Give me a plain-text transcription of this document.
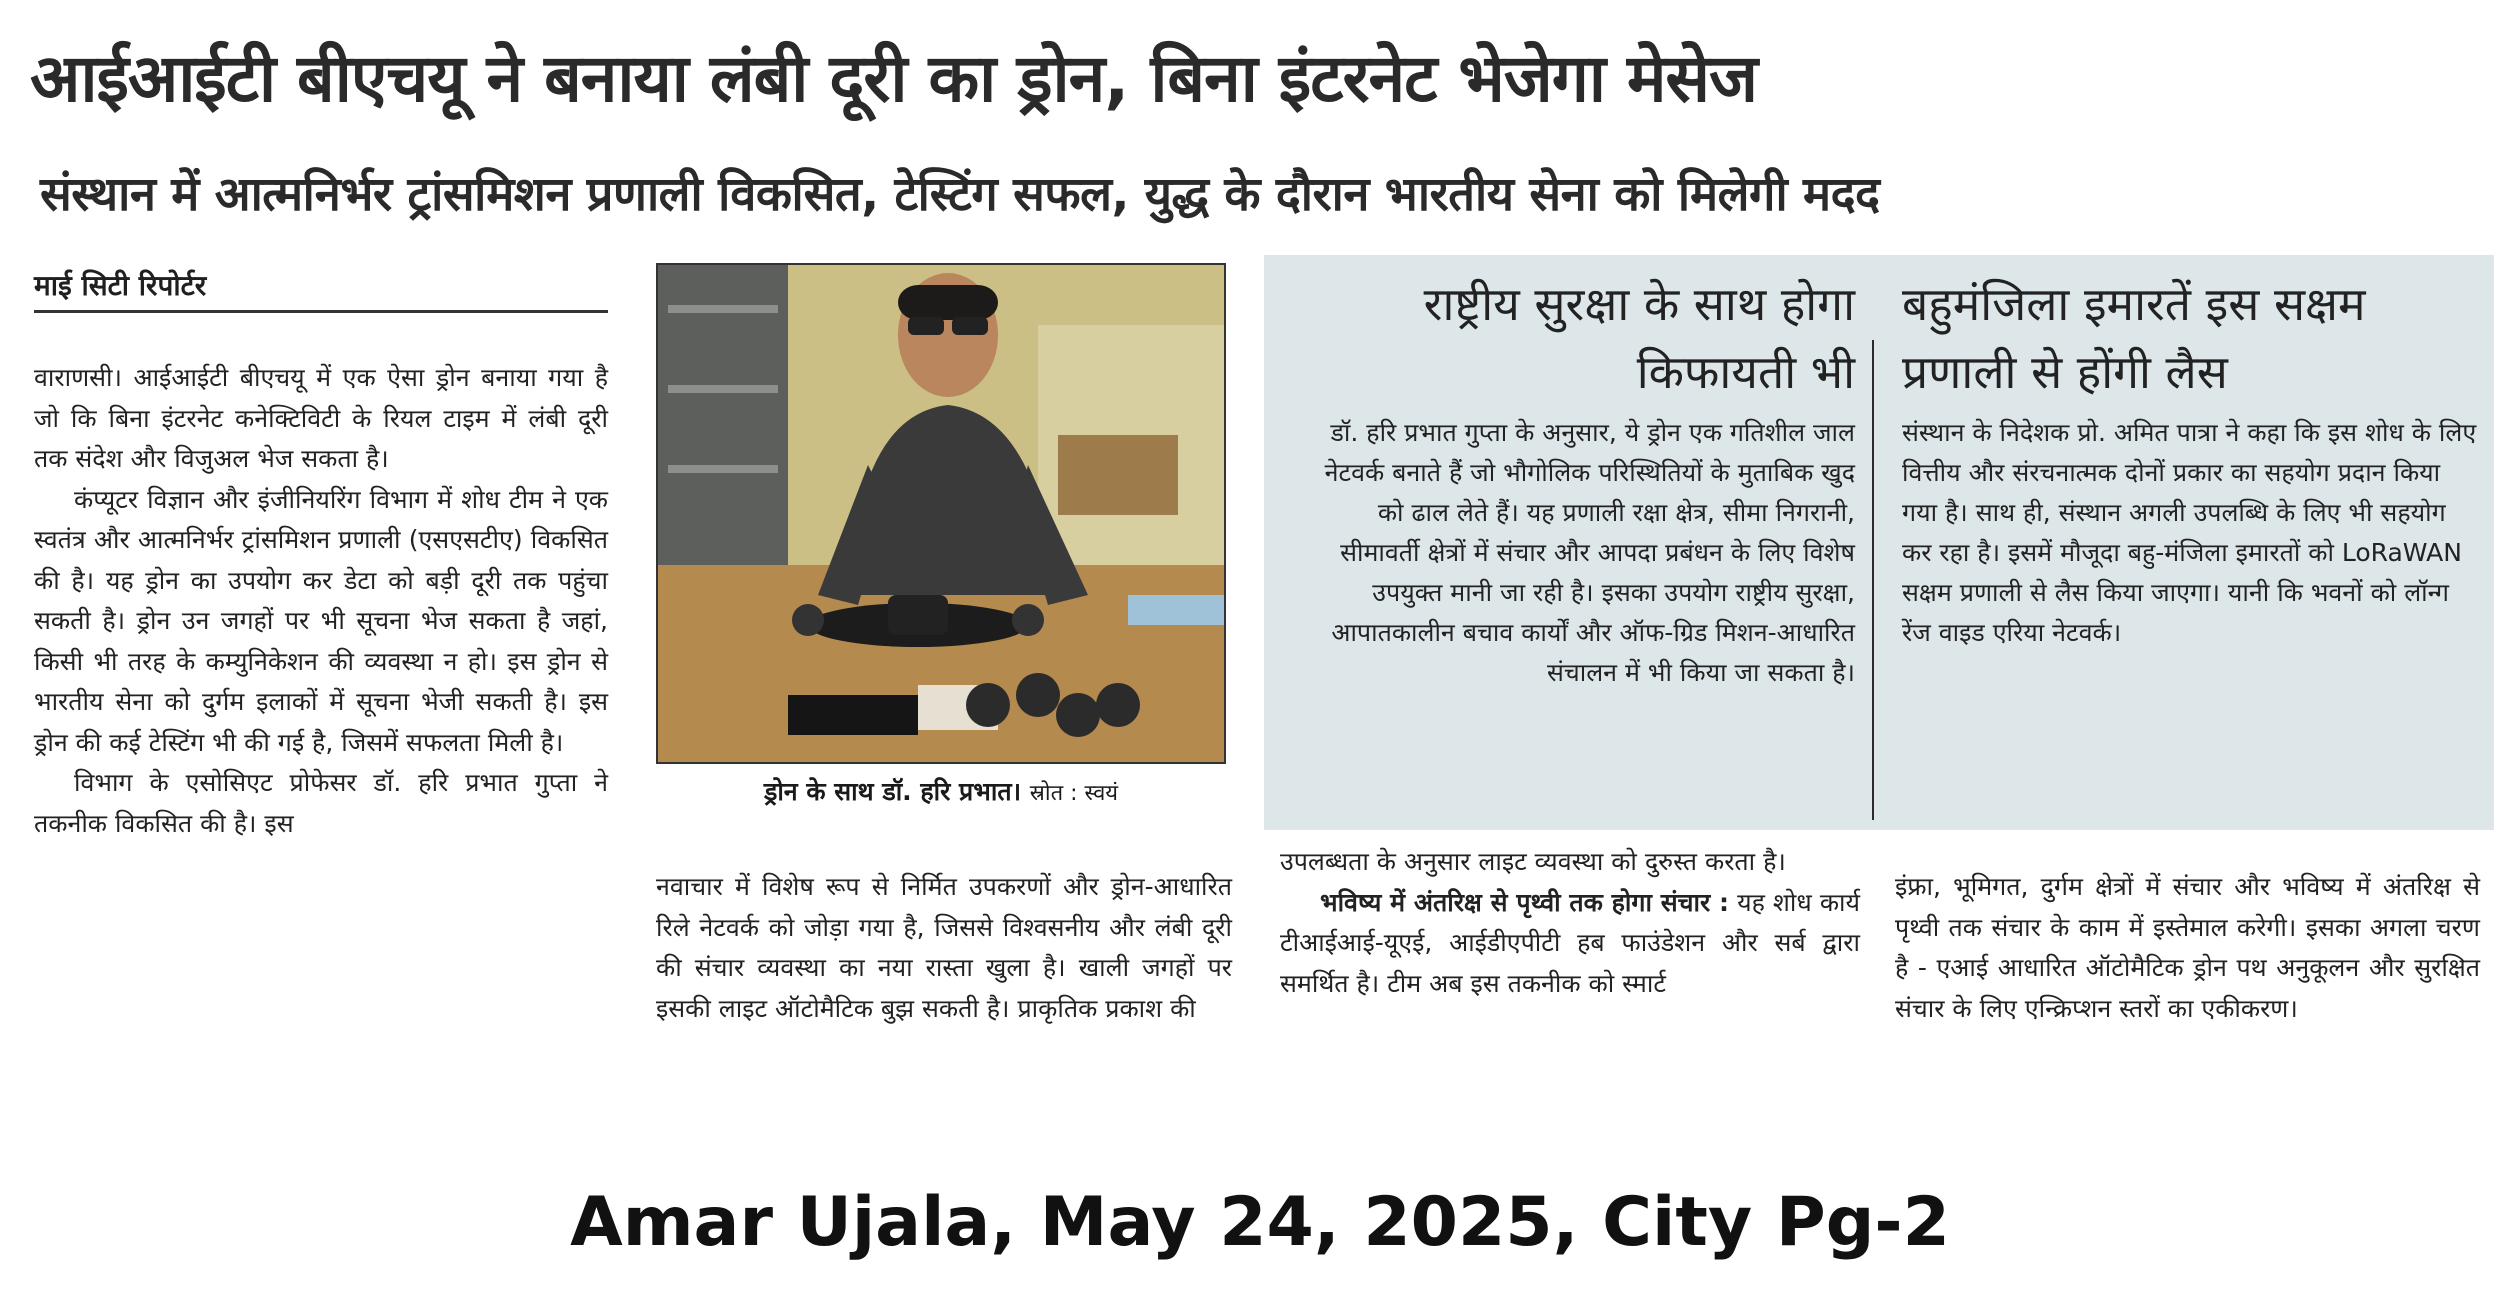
आईआईटी बीएचयू ने बनाया लंबी दूरी का ड्रोन, बिना इंटरनेट भेजेगा मेसेज
संस्थान में आत्मनिर्भर ट्रांसमिशन प्रणाली विकसित, टेस्टिंग सफल, युद्ध के दौरान भारतीय सेना को मिलेगी मदद
माई सिटी रिपोर्टर

वाराणसी। आईआईटी बीएचयू में एक ऐसा ड्रोन बनाया गया है जो कि बिना इंटरनेट कनेक्टिविटी के रियल टाइम में लंबी दूरी तक संदेश और विजुअल भेज सकता है।

कंप्यूटर विज्ञान और इंजीनियरिंग विभाग में शोध टीम ने एक स्वतंत्र और आत्मनिर्भर ट्रांसमिशन प्रणाली (एसएसटीए) विकसित की है। यह ड्रोन का उपयोग कर डेटा को बड़ी दूरी तक पहुंचा सकती है। ड्रोन उन जगहों पर भी सूचना भेज सकता है जहां, किसी भी तरह के कम्युनिकेशन की व्यवस्था न हो। इस ड्रोन से भारतीय सेना को दुर्गम इलाकों में सूचना भेजी सकती है। इस ड्रोन की कई टेस्टिंग भी की गई है, जिसमें सफलता मिली है।

विभाग के एसोसिएट प्रोफेसर डॉ. हरि प्रभात गुप्ता ने तकनीक विकसित की है। इस

ड्रोन के साथ डॉ. हरि प्रभात। स्रोत : स्वयं

नवाचार में विशेष रूप से निर्मित उपकरणों और ड्रोन-आधारित रिले नेटवर्क को जोड़ा गया है, जिससे विश्वसनीय और लंबी दूरी की संचार व्यवस्था का नया रास्ता खुला है। खाली जगहों पर इसकी लाइट ऑटोमैटिक बुझ सकती है। प्राकृतिक प्रकाश की

राष्ट्रीय सुरक्षा के साथ होगा किफायती भी
डॉ. हरि प्रभात गुप्ता के अनुसार, ये ड्रोन एक गतिशील जाल नेटवर्क बनाते हैं जो भौगोलिक परिस्थितियों के मुताबिक खुद को ढाल लेते हैं। यह प्रणाली रक्षा क्षेत्र, सीमा निगरानी, सीमावर्ती क्षेत्रों में संचार और आपदा प्रबंधन के लिए विशेष उपयुक्त मानी जा रही है। इसका उपयोग राष्ट्रीय सुरक्षा, आपातकालीन बचाव कार्यों और ऑफ-ग्रिड मिशन-आधारित संचालन में भी किया जा सकता है।
बहुमंजिला इमारतें इस सक्षम प्रणाली से होंगी लैस
संस्थान के निदेशक प्रो. अमित पात्रा ने कहा कि इस शोध के लिए वित्तीय और संरचनात्मक दोनों प्रकार का सहयोग प्रदान किया गया है। साथ ही, संस्थान अगली उपलब्धि के लिए भी सहयोग कर रहा है। इसमें मौजूदा बहु-मंजिला इमारतों को LoRaWAN सक्षम प्रणाली से लैस किया जाएगा। यानी कि भवनों को लॉन्ग रेंज वाइड एरिया नेटवर्क।

उपलब्धता के अनुसार लाइट व्यवस्था को दुरुस्त करता है।

भविष्य में अंतरिक्ष से पृथ्वी तक होगा संचार : यह शोध कार्य टीआईआई-यूएई, आईडीएपीटी हब फाउंडेशन और सर्ब द्वारा समर्थित है। टीम अब इस तकनीक को स्मार्ट

इंफ्रा, भूमिगत, दुर्गम क्षेत्रों में संचार और भविष्य में अंतरिक्ष से पृथ्वी तक संचार के काम में इस्तेमाल करेगी। इसका अगला चरण है - एआई आधारित ऑटोमैटिक ड्रोन पथ अनुकूलन और सुरक्षित संचार के लिए एन्क्रिप्शन स्तरों का एकीकरण।

Amar Ujala, May 24, 2025, City Pg-2
